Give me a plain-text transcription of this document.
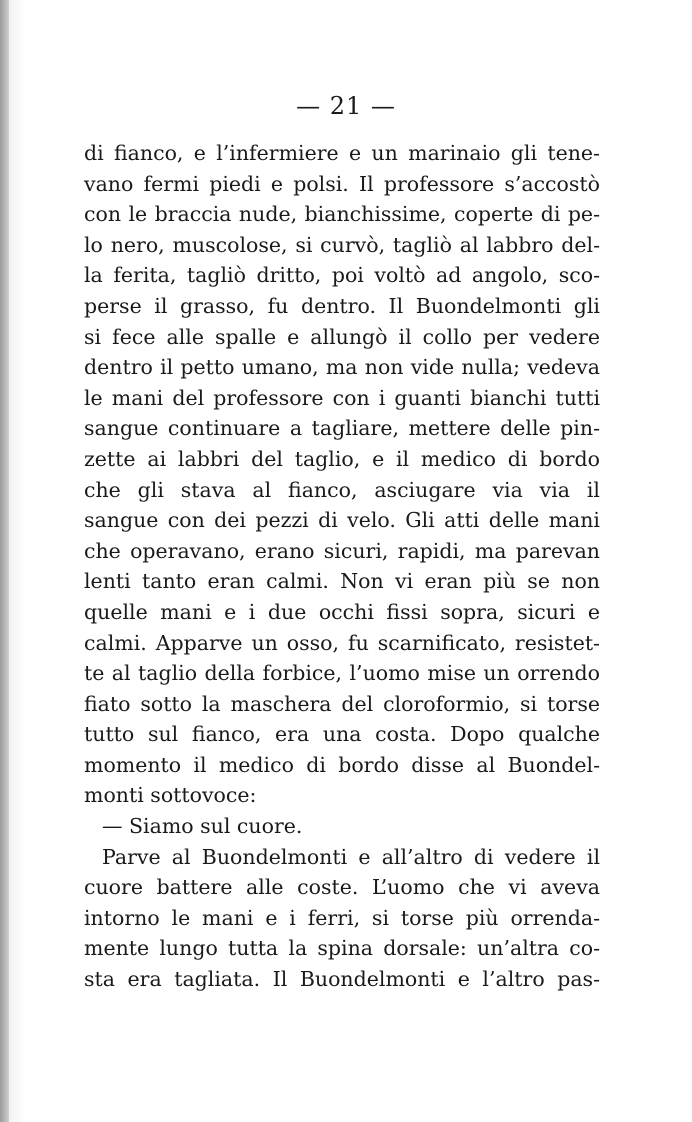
— 21 —
di fianco, e l’infermiere e un marinaio gli tene-
vano fermi piedi e polsi. Il professore s’accostò
con le braccia nude, bianchissime, coperte di pe-
lo nero, muscolose, si curvò, tagliò al labbro del-
la ferita, tagliò dritto, poi voltò ad angolo, sco-
perse il grasso, fu dentro. Il Buondelmonti gli
si fece alle spalle e allungò il collo per vedere
dentro il petto umano, ma non vide nulla; vedeva
le mani del professore con i guanti bianchi tutti
sangue continuare a tagliare, mettere delle pin-
zette ai labbri del taglio, e il medico di bordo
che gli stava al fianco, asciugare via via il
sangue con dei pezzi di velo. Gli atti delle mani
che operavano, erano sicuri, rapidi, ma parevan
lenti tanto eran calmi. Non vi eran più se non
quelle mani e i due occhi fissi sopra, sicuri e
calmi. Apparve un osso, fu scarnificato, resistet-
te al taglio della forbice, l’uomo mise un orrendo
fiato sotto la maschera del cloroformio, si torse
tutto sul fianco, era una costa. Dopo qualche
momento il medico di bordo disse al Buondel-
monti sottovoce:
— Siamo sul cuore.
Parve al Buondelmonti e all’altro di vedere il
cuore battere alle coste. L’uomo che vi aveva
intorno le mani e i ferri, si torse più orrenda-
mente lungo tutta la spina dorsale: un’altra co-
sta era tagliata. Il Buondelmonti e l’altro pas-
